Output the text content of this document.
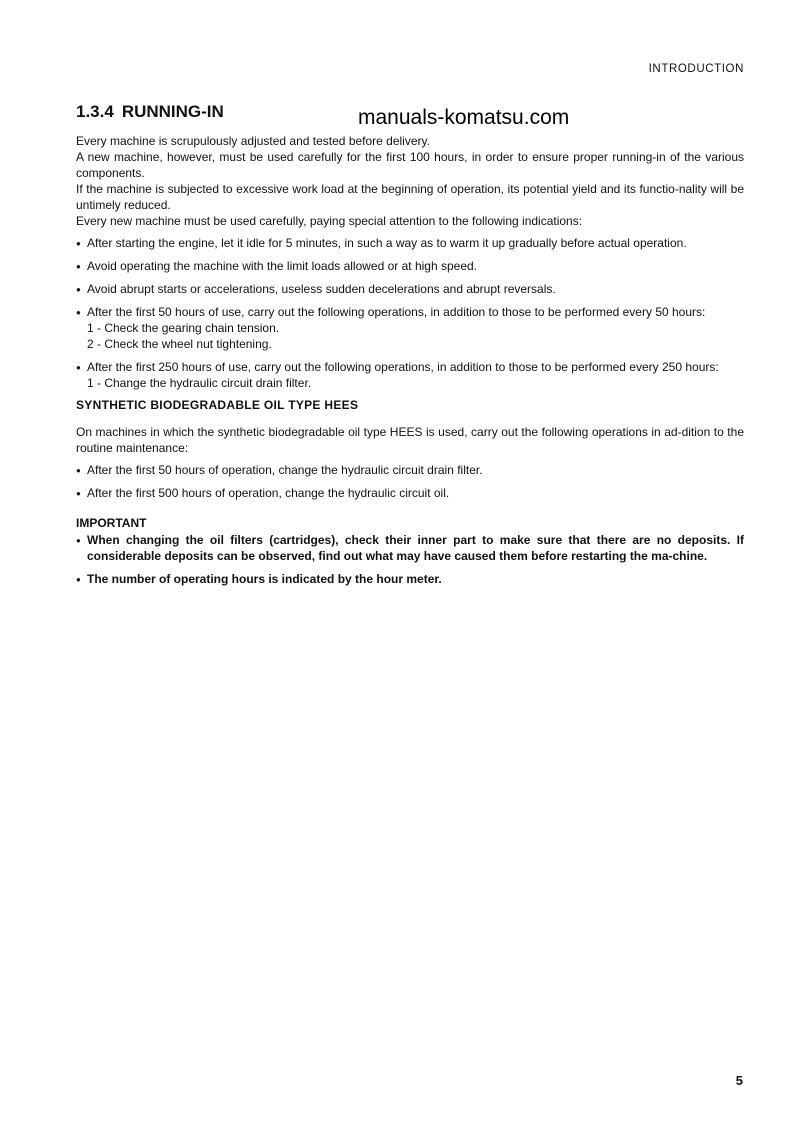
INTRODUCTION
manuals-komatsu.com
1.3.4 RUNNING-IN

Every machine is scrupulously adjusted and tested before delivery.

A new machine, however, must be used carefully for the first 100 hours, in order to ensure proper running-in of the various components.

If the machine is subjected to excessive work load at the beginning of operation, its potential yield and its functio-nality will be untimely reduced.

Every new machine must be used carefully, paying special attention to the following indications:

● After starting the engine, let it idle for 5 minutes, in such a way as to warm it up gradually before actual operation.
● Avoid operating the machine with the limit loads allowed or at high speed.
● Avoid abrupt starts or accelerations, useless sudden decelerations and abrupt reversals.
● After the first 50 hours of use, carry out the following operations, in addition to those to be performed every 50 hours:
1 - Check the gearing chain tension.
2 - Check the wheel nut tightening.
● After the first 250 hours of use, carry out the following operations, in addition to those to be performed every 250 hours:
1 - Change the hydraulic circuit drain filter.
SYNTHETIC BIODEGRADABLE OIL TYPE HEES

On machines in which the synthetic biodegradable oil type HEES is used, carry out the following operations in ad-dition to the routine maintenance:

● After the first 50 hours of operation, change the hydraulic circuit drain filter.
● After the first 500 hours of operation, change the hydraulic circuit oil.
IMPORTANT
● When changing the oil filters (cartridges), check their inner part to make sure that there are no deposits. If considerable deposits can be observed, find out what may have caused them before restarting the ma-chine.
● The number of operating hours is indicated by the hour meter.
5
